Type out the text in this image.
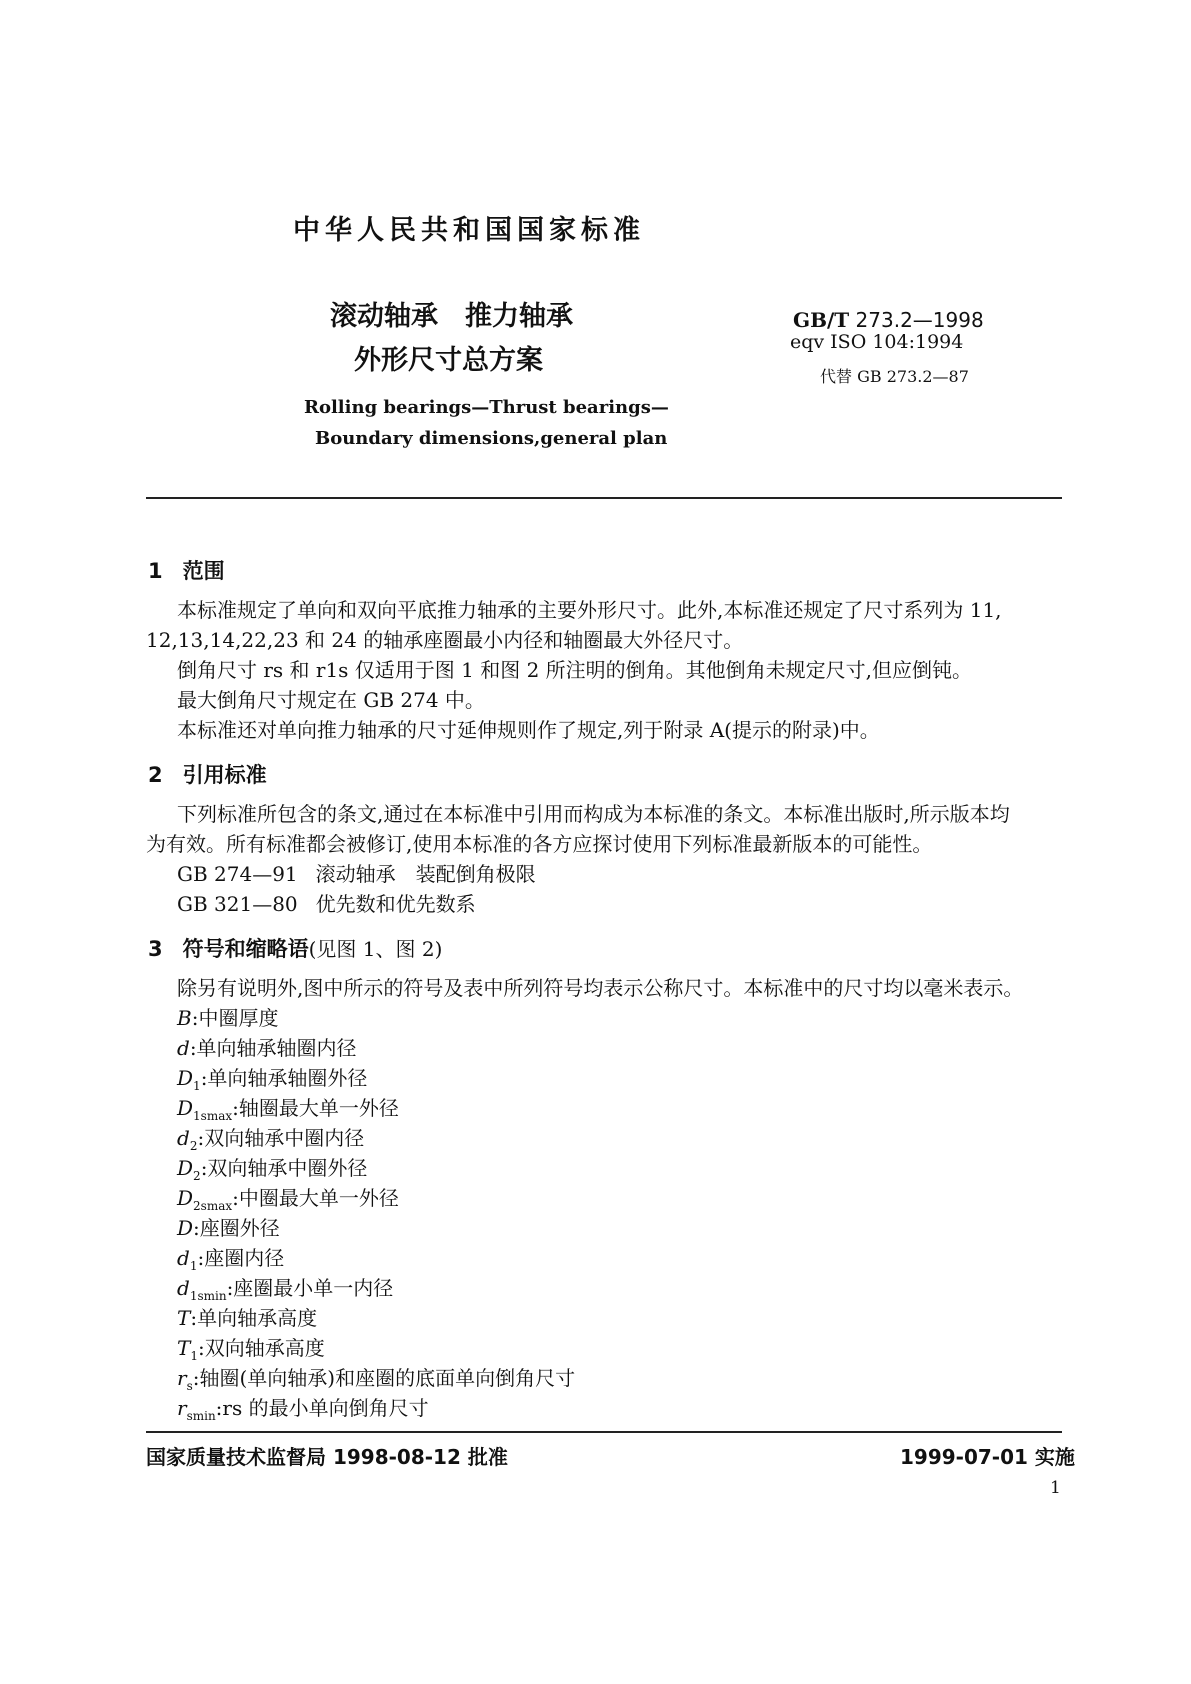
中华人民共和国国家标准
滚动轴承　推力轴承
外形尺寸总方案
GB/T 273.2—1998
eqv ISO 104:1994
代替 GB 273.2—87
Rolling bearings—Thrust bearings—
Boundary dimensions,general plan
1 范围
本标准规定了单向和双向平底推力轴承的主要外形尺寸。此外,本标准还规定了尺寸系列为 11,
12,13,14,22,23 和 24 的轴承座圈最小内径和轴圈最大外径尺寸。
倒角尺寸 rs 和 r1s 仅适用于图 1 和图 2 所注明的倒角。其他倒角未规定尺寸,但应倒钝。
最大倒角尺寸规定在 GB 274 中。
本标准还对单向推力轴承的尺寸延伸规则作了规定,列于附录 A(提示的附录)中。
2 引用标准
下列标准所包含的条文,通过在本标准中引用而构成为本标准的条文。本标准出版时,所示版本均
为有效。所有标准都会被修订,使用本标准的各方应探讨使用下列标准最新版本的可能性。
GB 274—91 滚动轴承　装配倒角极限
GB 321—80 优先数和优先数系
3 符号和缩略语(见图 1、图 2)
除另有说明外,图中所示的符号及表中所列符号均表示公称尺寸。本标准中的尺寸均以毫米表示。
B:中圈厚度
d:单向轴承轴圈内径
$D_1$:单向轴承轴圈外径
$D_{1smax}$:轴圈最大单一外径
$d_2$:双向轴承中圈内径
$D_2$:双向轴承中圈外径
$D_{2smax}$:中圈最大单一外径
D:座圈外径
$d_1$:座圈内径
$d_{1smin}$:座圈最小单一内径
T:单向轴承高度
$T_1$:双向轴承高度
$r_s$:轴圈(单向轴承)和座圈的底面单向倒角尺寸
$r_{smin}:rs$ 的最小单向倒角尺寸
国家质量技术监督局 1998-08-12 批准	1999-07-01 实施
1
